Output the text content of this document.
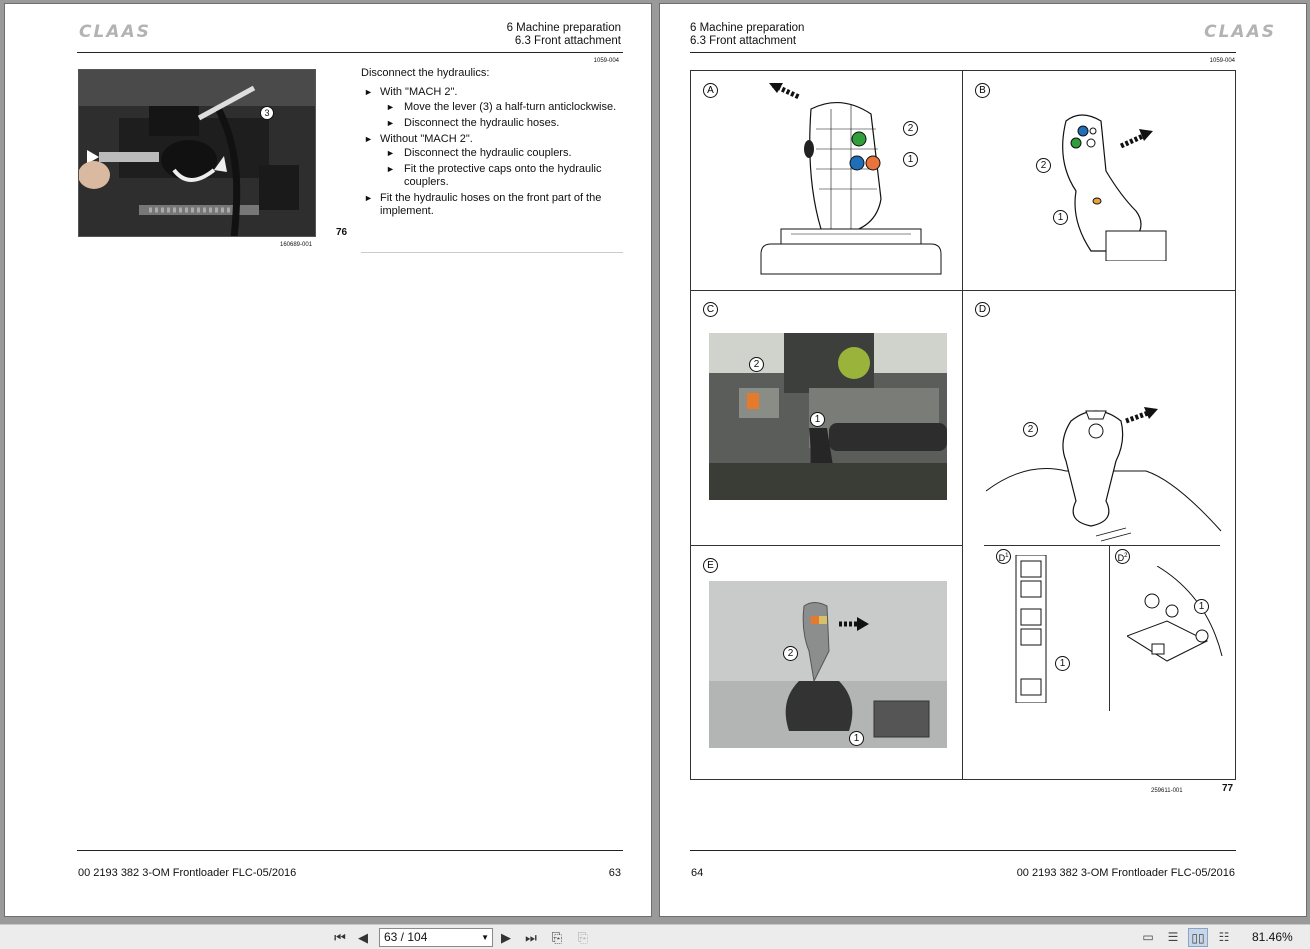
CLAAS	6 Machine preparation
6.3 Front attachment
1059-004
3
160689-001
76
Disconnect the hydraulics:
► With "MACH 2".
► Move the lever (3) a half-turn anticlockwise.
► Disconnect the hydraulic hoses.
► Without "MACH 2".
► Disconnect the hydraulic couplers.
► Fit the protective caps onto the hydraulic couplers.
► Fit the hydraulic hoses on the front part of the implement.
00 2193 382 3-OM Frontloader FLC-05/2016	63
6 Machine preparation
6.3 Front attachment	CLAAS
1059-004
A
2
1
B
2
1
C
2
1
D
2
$D^1$
1
$D^2$
1
E
2
1
259611-001	77
64	00 2193 382 3-OM Frontloader FLC-05/2016
⏮ ◀	63 / 104	▼ ▶	⏭ ⎘ ⎘	▭	☰	▯▯	☷	81.46%
